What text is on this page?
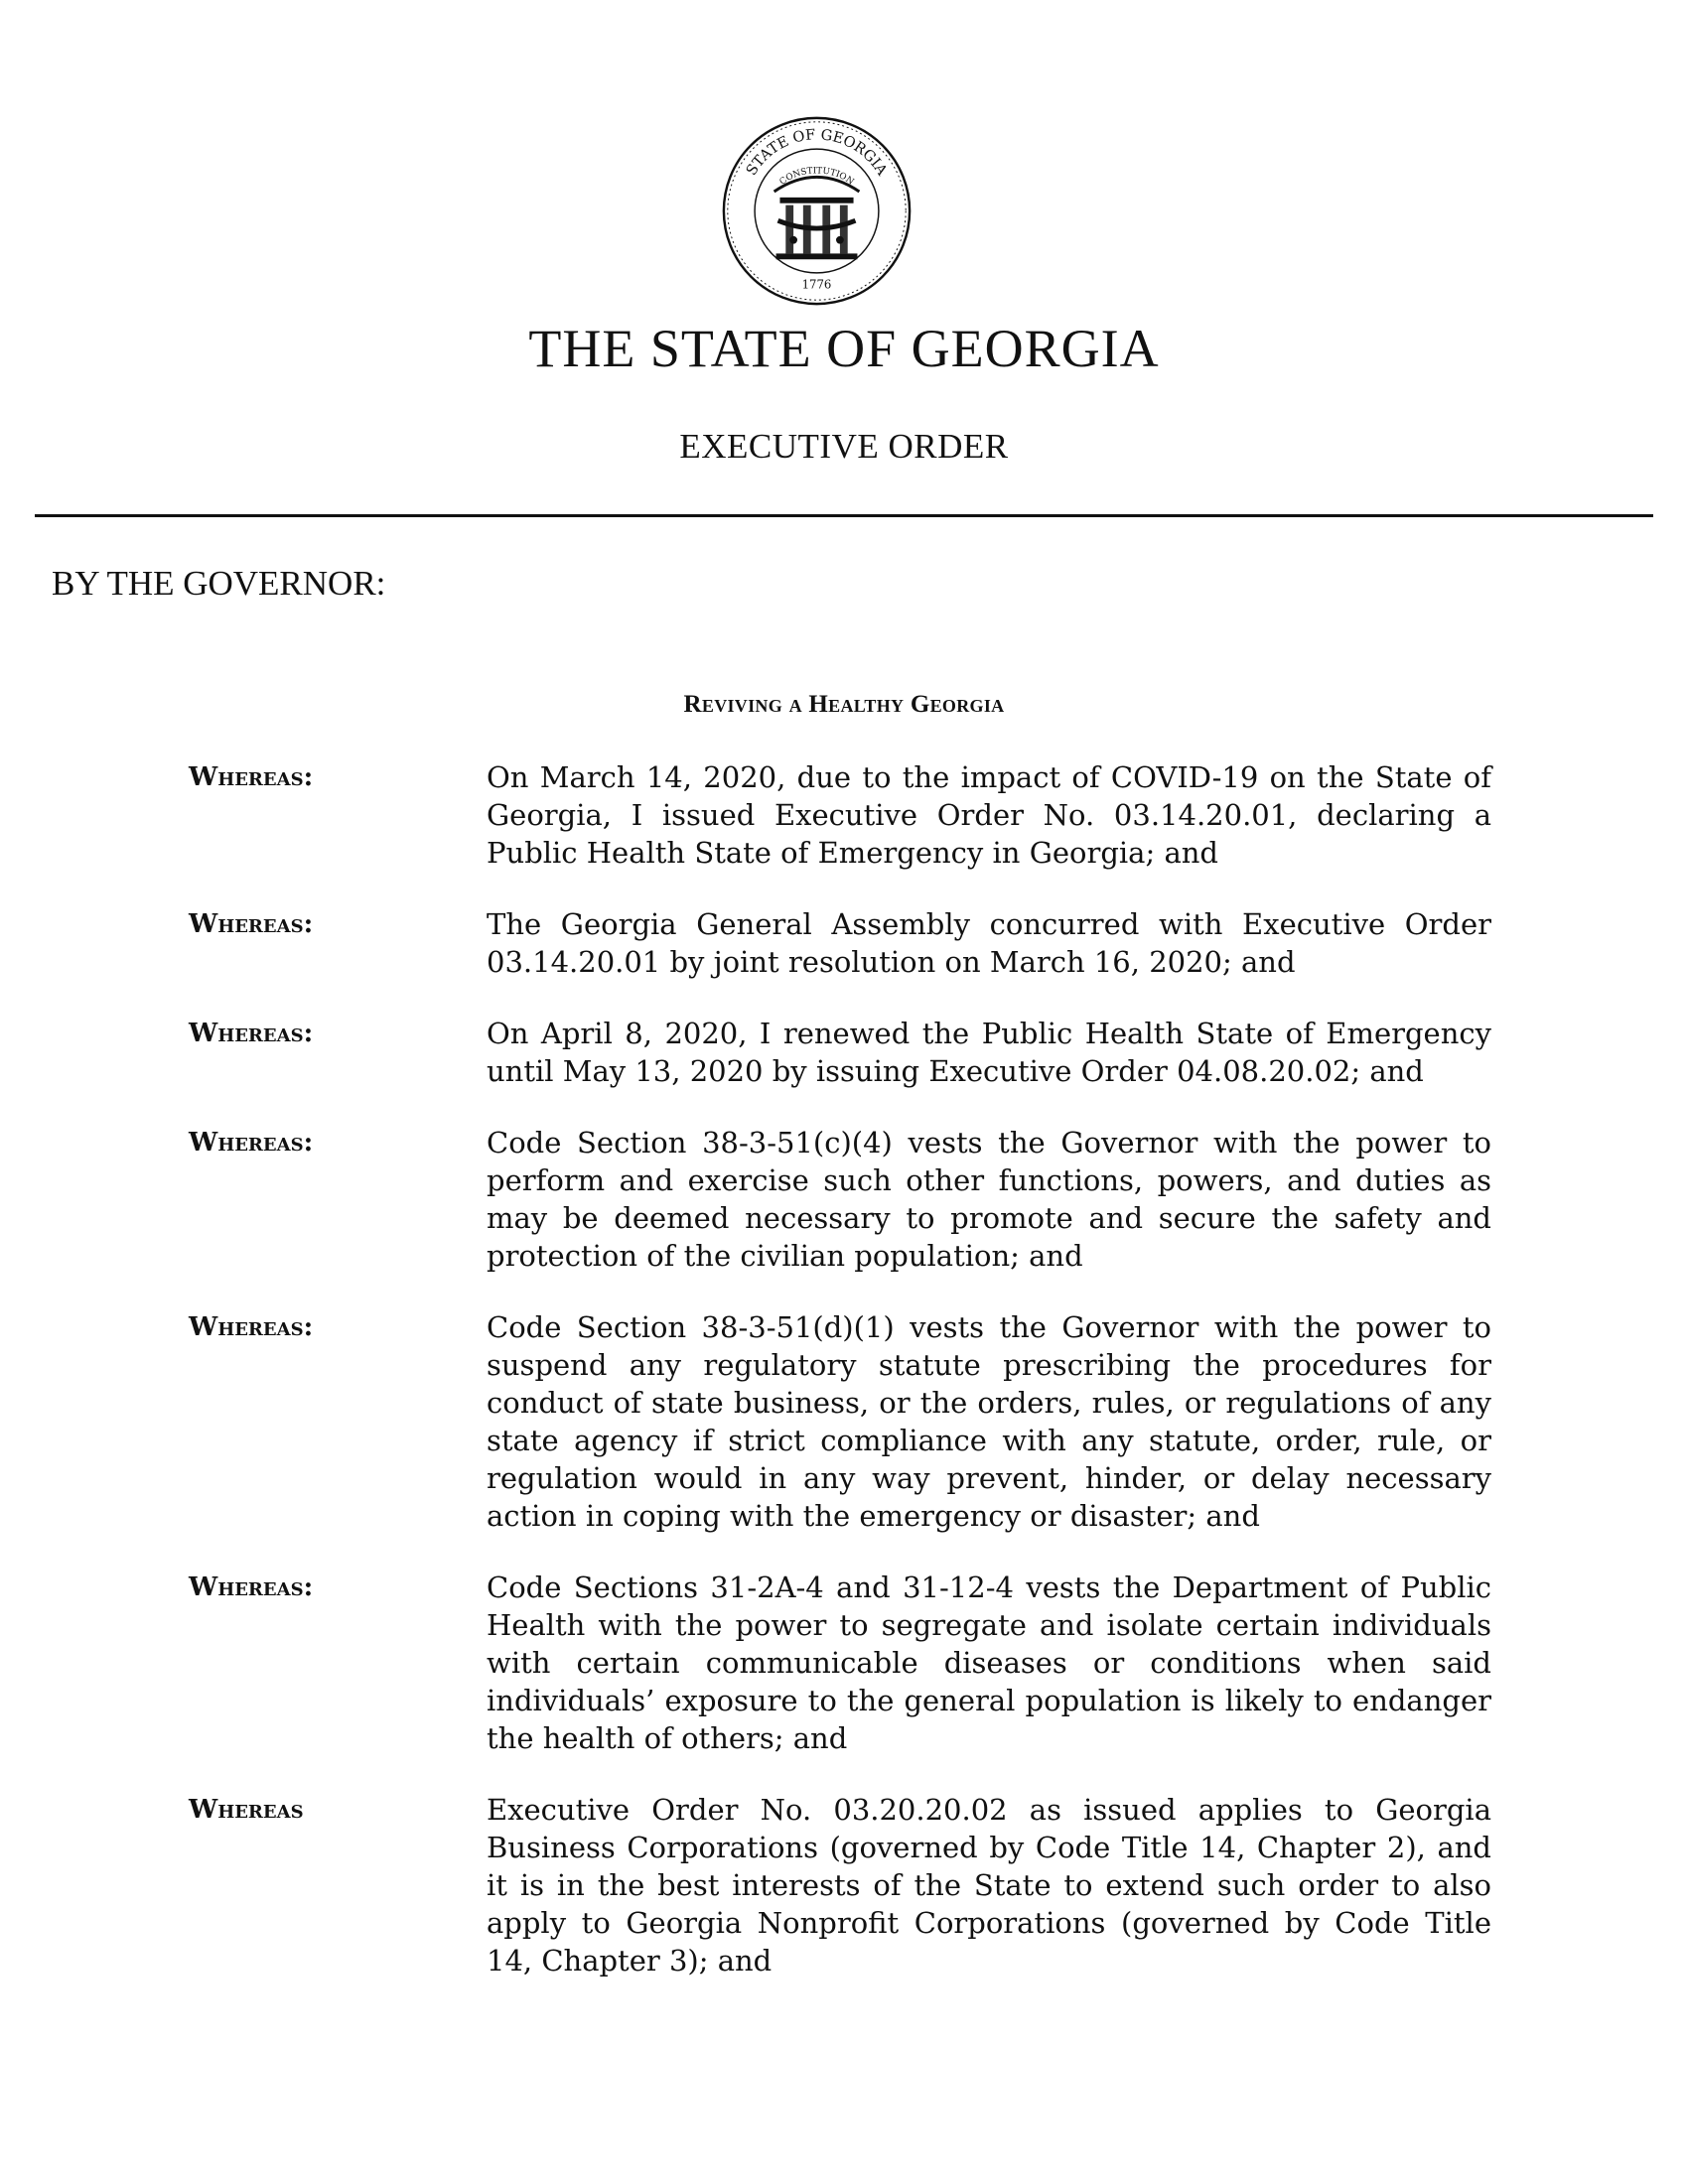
STATE OF GEORGIA
CONSTITUTION
1776
THE STATE OF GEORGIA
EXECUTIVE ORDER
BY THE GOVERNOR:
Reviving a Healthy Georgia
Whereas:	On March 14, 2020, due to the impact of COVID-19 on the State of Georgia, I issued Executive Order No. 03.14.20.01, declaring a Public Health State of Emergency in Georgia; and
Whereas:	The Georgia General Assembly concurred with Executive Order 03.14.20.01 by joint resolution on March 16, 2020; and
Whereas:	On April 8, 2020, I renewed the Public Health State of Emergency until May 13, 2020 by issuing Executive Order 04.08.20.02; and
Whereas:	Code Section 38-3-51(c)(4) vests the Governor with the power to perform and exercise such other functions, powers, and duties as may be deemed necessary to promote and secure the safety and protection of the civilian population; and
Whereas:	Code Section 38-3-51(d)(1) vests the Governor with the power to suspend any regulatory statute prescribing the procedures for conduct of state business, or the orders, rules, or regulations of any state agency if strict compliance with any statute, order, rule, or regulation would in any way prevent, hinder, or delay necessary action in coping with the emergency or disaster; and
Whereas:	Code Sections 31-2A-4 and 31-12-4 vests the Department of Public Health with the power to segregate and isolate certain individuals with certain communicable diseases or conditions when said individuals’ exposure to the general population is likely to endanger the health of others; and
Whereas	Executive Order No. 03.20.20.02 as issued applies to Georgia Business Corporations (governed by Code Title 14, Chapter 2), and it is in the best interests of the State to extend such order to also apply to Georgia Nonprofit Corporations (governed by Code Title 14, Chapter 3); and
